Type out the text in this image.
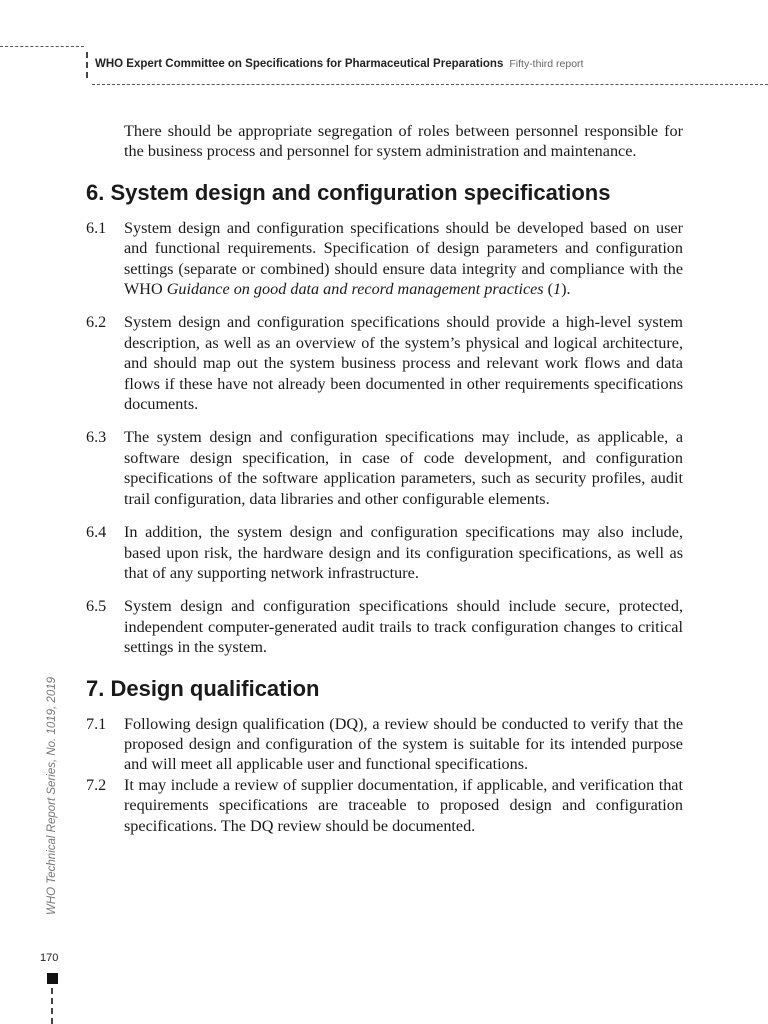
WHO Expert Committee on Specifications for Pharmaceutical Preparations Fifty-third report

There should be appropriate segregation of roles between personnel responsible for the business process and personnel for system administration and maintenance.

6. System design and configuration specifications
6.1	System design and configuration specifications should be developed based on user and functional requirements. Specification of design parameters and configuration settings (separate or combined) should ensure data integrity and compliance with the WHO Guidance on good data and record management practices (1).
6.2	System design and configuration specifications should provide a high-level system description, as well as an overview of the system’s physical and logical architecture, and should map out the system business process and relevant work flows and data flows if these have not already been documented in other requirements specifications documents.
6.3	The system design and configuration specifications may include, as applicable, a software design specification, in case of code development, and configuration specifications of the software application parameters, such as security profiles, audit trail configuration, data libraries and other configurable elements.
6.4	In addition, the system design and configuration specifications may also include, based upon risk, the hardware design and its configuration specifications, as well as that of any supporting network infrastructure.
6.5	System design and configuration specifications should include secure, protected, independent computer-generated audit trails to track configuration changes to critical settings in the system.
7. Design qualification
7.1	Following design qualification (DQ), a review should be conducted to verify that the proposed design and configuration of the system is suitable for its intended purpose and will meet all applicable user and functional specifications.
7.2	It may include a review of supplier documentation, if applicable, and verification that requirements specifications are traceable to proposed design and configuration specifications. The DQ review should be documented.
WHO Technical Report Series, No. 1019, 2019
170
